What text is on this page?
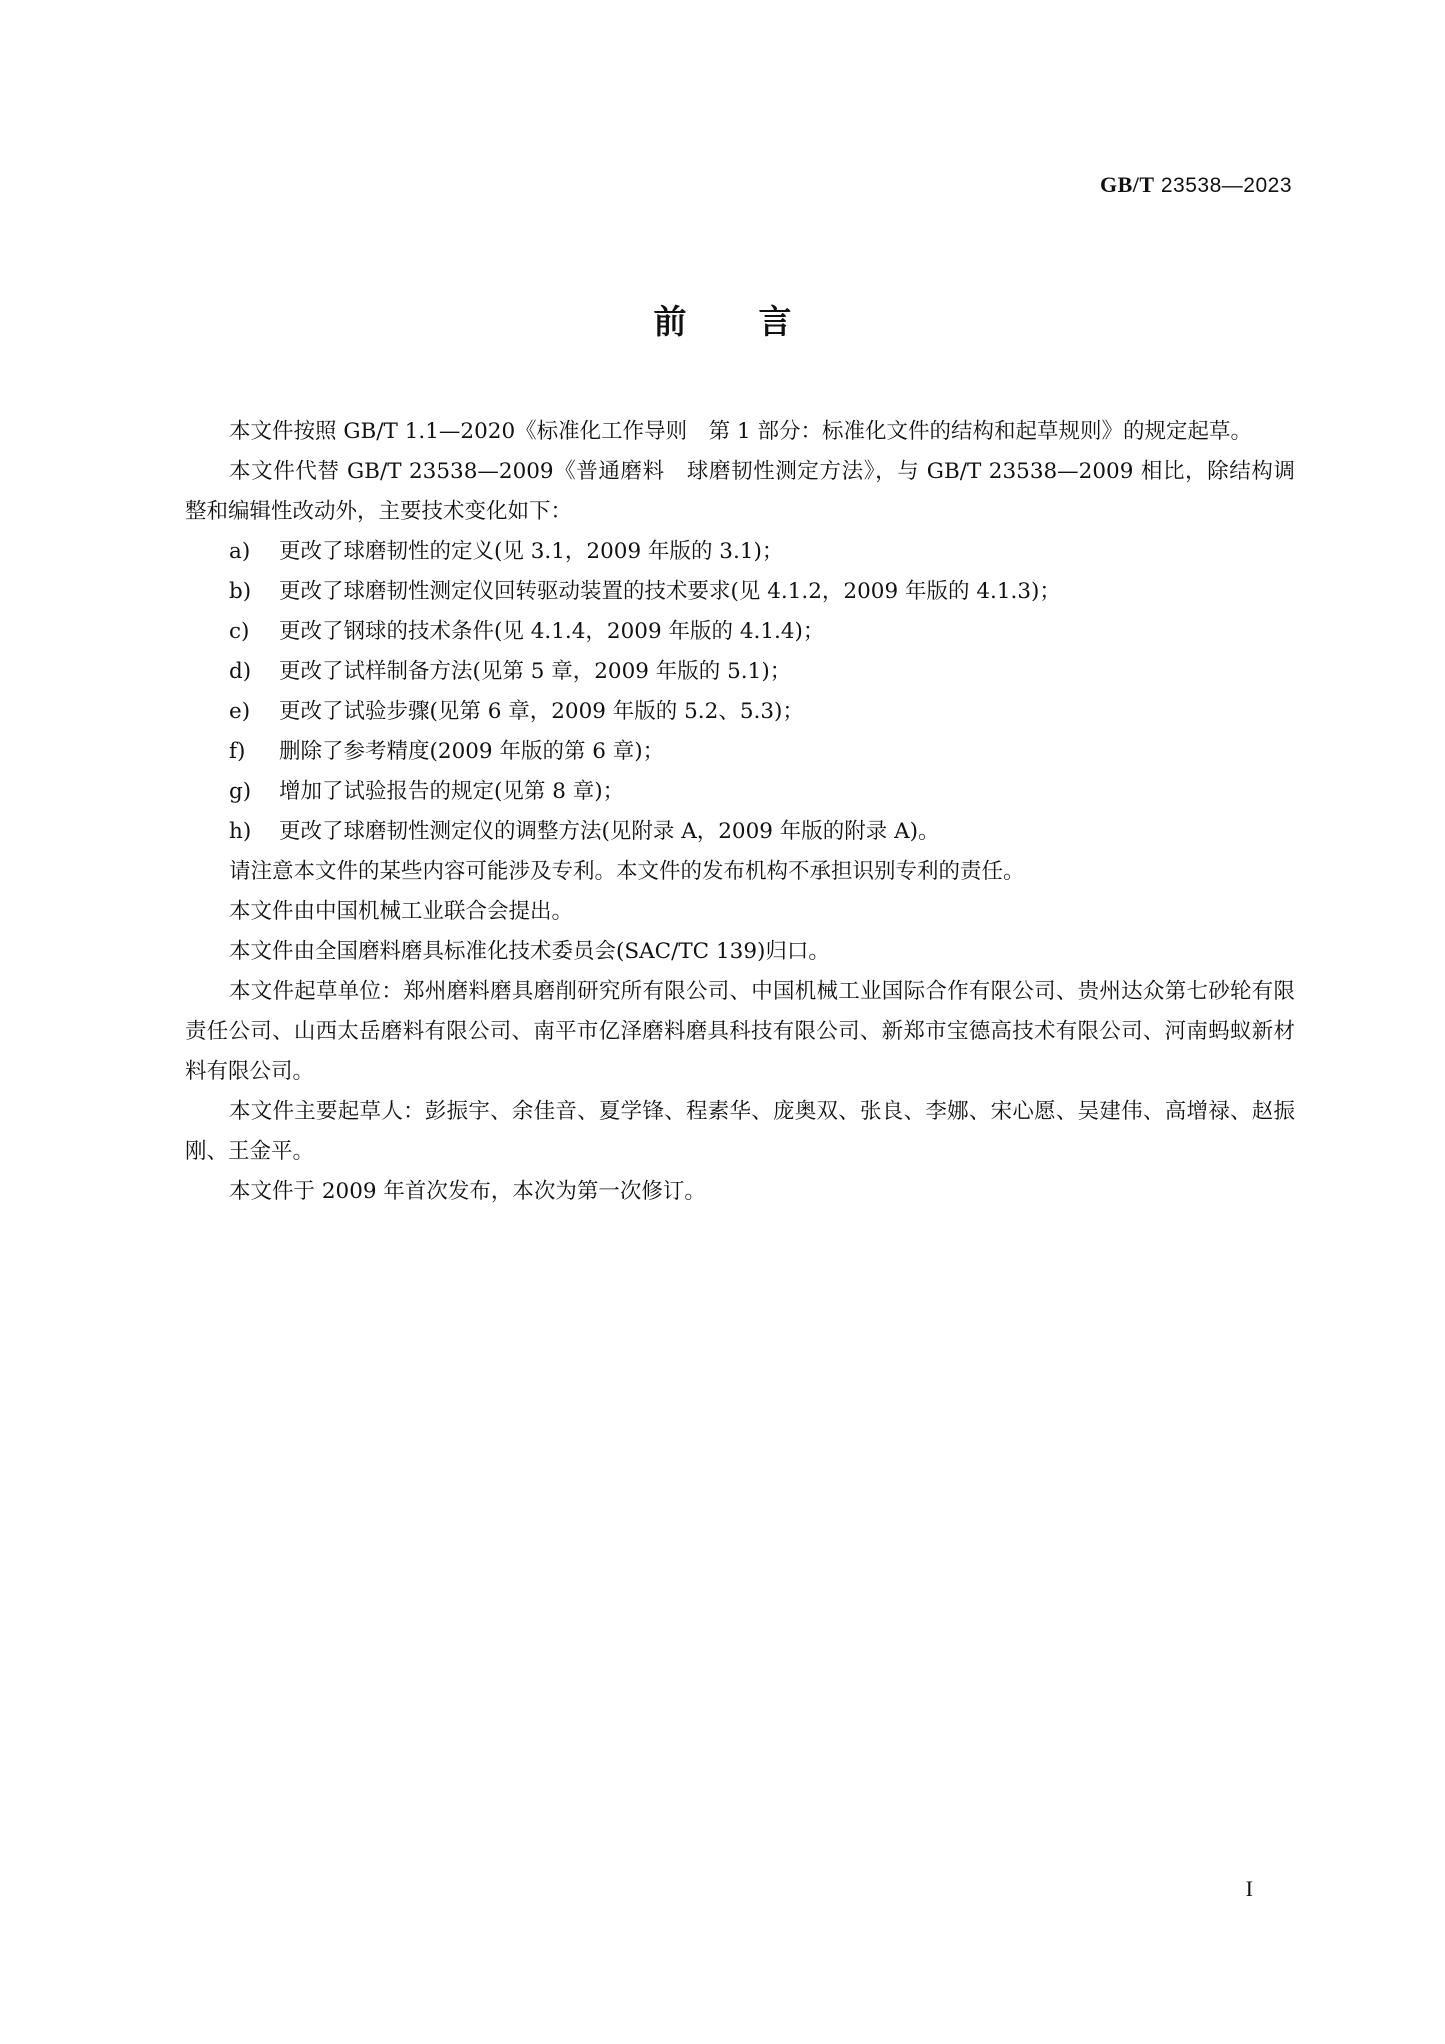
GB/T 23538—2023
前言

本文件按照 GB/T 1.1—2020《标准化工作导则　第 1 部分：标准化文件的结构和起草规则》的规定起草。

本文件代替 GB/T 23538—2009《普通磨料　球磨韧性测定方法》，与 GB/T 23538—2009 相比，除结构调整和编辑性改动外，主要技术变化如下：

a) 更改了球磨韧性的定义(见 3.1，2009 年版的 3.1)；

b) 更改了球磨韧性测定仪回转驱动装置的技术要求(见 4.1.2，2009 年版的 4.1.3)；

c) 更改了钢球的技术条件(见 4.1.4，2009 年版的 4.1.4)；

d) 更改了试样制备方法(见第 5 章，2009 年版的 5.1)；

e) 更改了试验步骤(见第 6 章，2009 年版的 5.2、5.3)；

f) 删除了参考精度(2009 年版的第 6 章)；

g) 增加了试验报告的规定(见第 8 章)；

h) 更改了球磨韧性测定仪的调整方法(见附录 A，2009 年版的附录 A)。

请注意本文件的某些内容可能涉及专利。本文件的发布机构不承担识别专利的责任。

本文件由中国机械工业联合会提出。

本文件由全国磨料磨具标准化技术委员会(SAC/TC 139)归口。

本文件起草单位：郑州磨料磨具磨削研究所有限公司、中国机械工业国际合作有限公司、贵州达众第七砂轮有限责任公司、山西太岳磨料有限公司、南平市亿泽磨料磨具科技有限公司、新郑市宝德高技术有限公司、河南蚂蚁新材料有限公司。

本文件主要起草人：彭振宇、余佳音、夏学锋、程素华、庞奥双、张良、李娜、宋心愿、吴建伟、高增禄、赵振刚、王金平。

本文件于 2009 年首次发布，本次为第一次修订。

I
